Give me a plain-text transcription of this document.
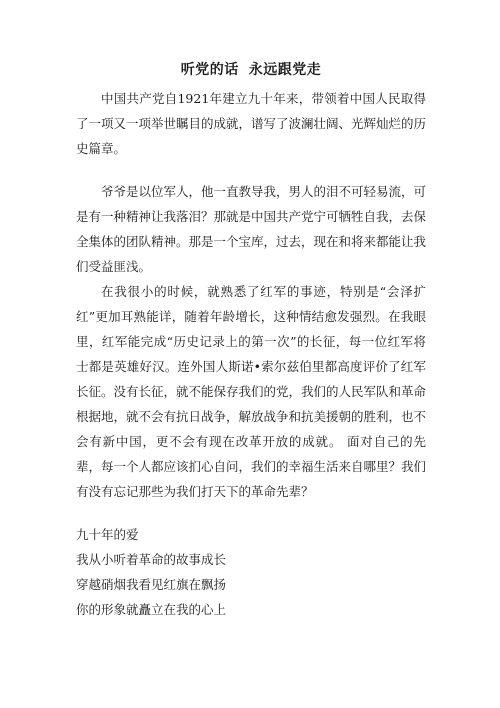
听党的话 永远跟党走

中国共产党自1921年建立九十年来，带领着中国人民取得了一项又一项举世瞩目的成就，谱写了波澜壮阔、光辉灿烂的历史篇章。

爷爷是以位军人，他一直教导我，男人的泪不可轻易流，可是有一种精神让我落泪？那就是中国共产党宁可牺牲自我，去保全集体的团队精神。那是一个宝库，过去，现在和将来都能让我们受益匪浅。

在我很小的时候，就熟悉了红军的事迹，特别是“会泽扩红”更加耳熟能详，随着年龄增长，这种情结愈发强烈。在我眼里，红军能完成“历史记录上的第一次”的长征，每一位红军将士都是英雄好汉。连外国人斯诺•索尔兹伯里都高度评价了红军长征。没有长征，就不能保存我们的党，我们的人民军队和革命根据地，就不会有抗日战争，解放战争和抗美援朝的胜利，也不会有新中国，更不会有现在改革开放的成就。 面对自己的先辈，每一个人都应该扪心自问，我们的幸福生活来自哪里？我们有没有忘记那些为我们打天下的革命先辈？

九十年的爱

我从小听着革命的故事成长

穿越硝烟我看见红旗在飘扬

你的形象就矗立在我的心上
